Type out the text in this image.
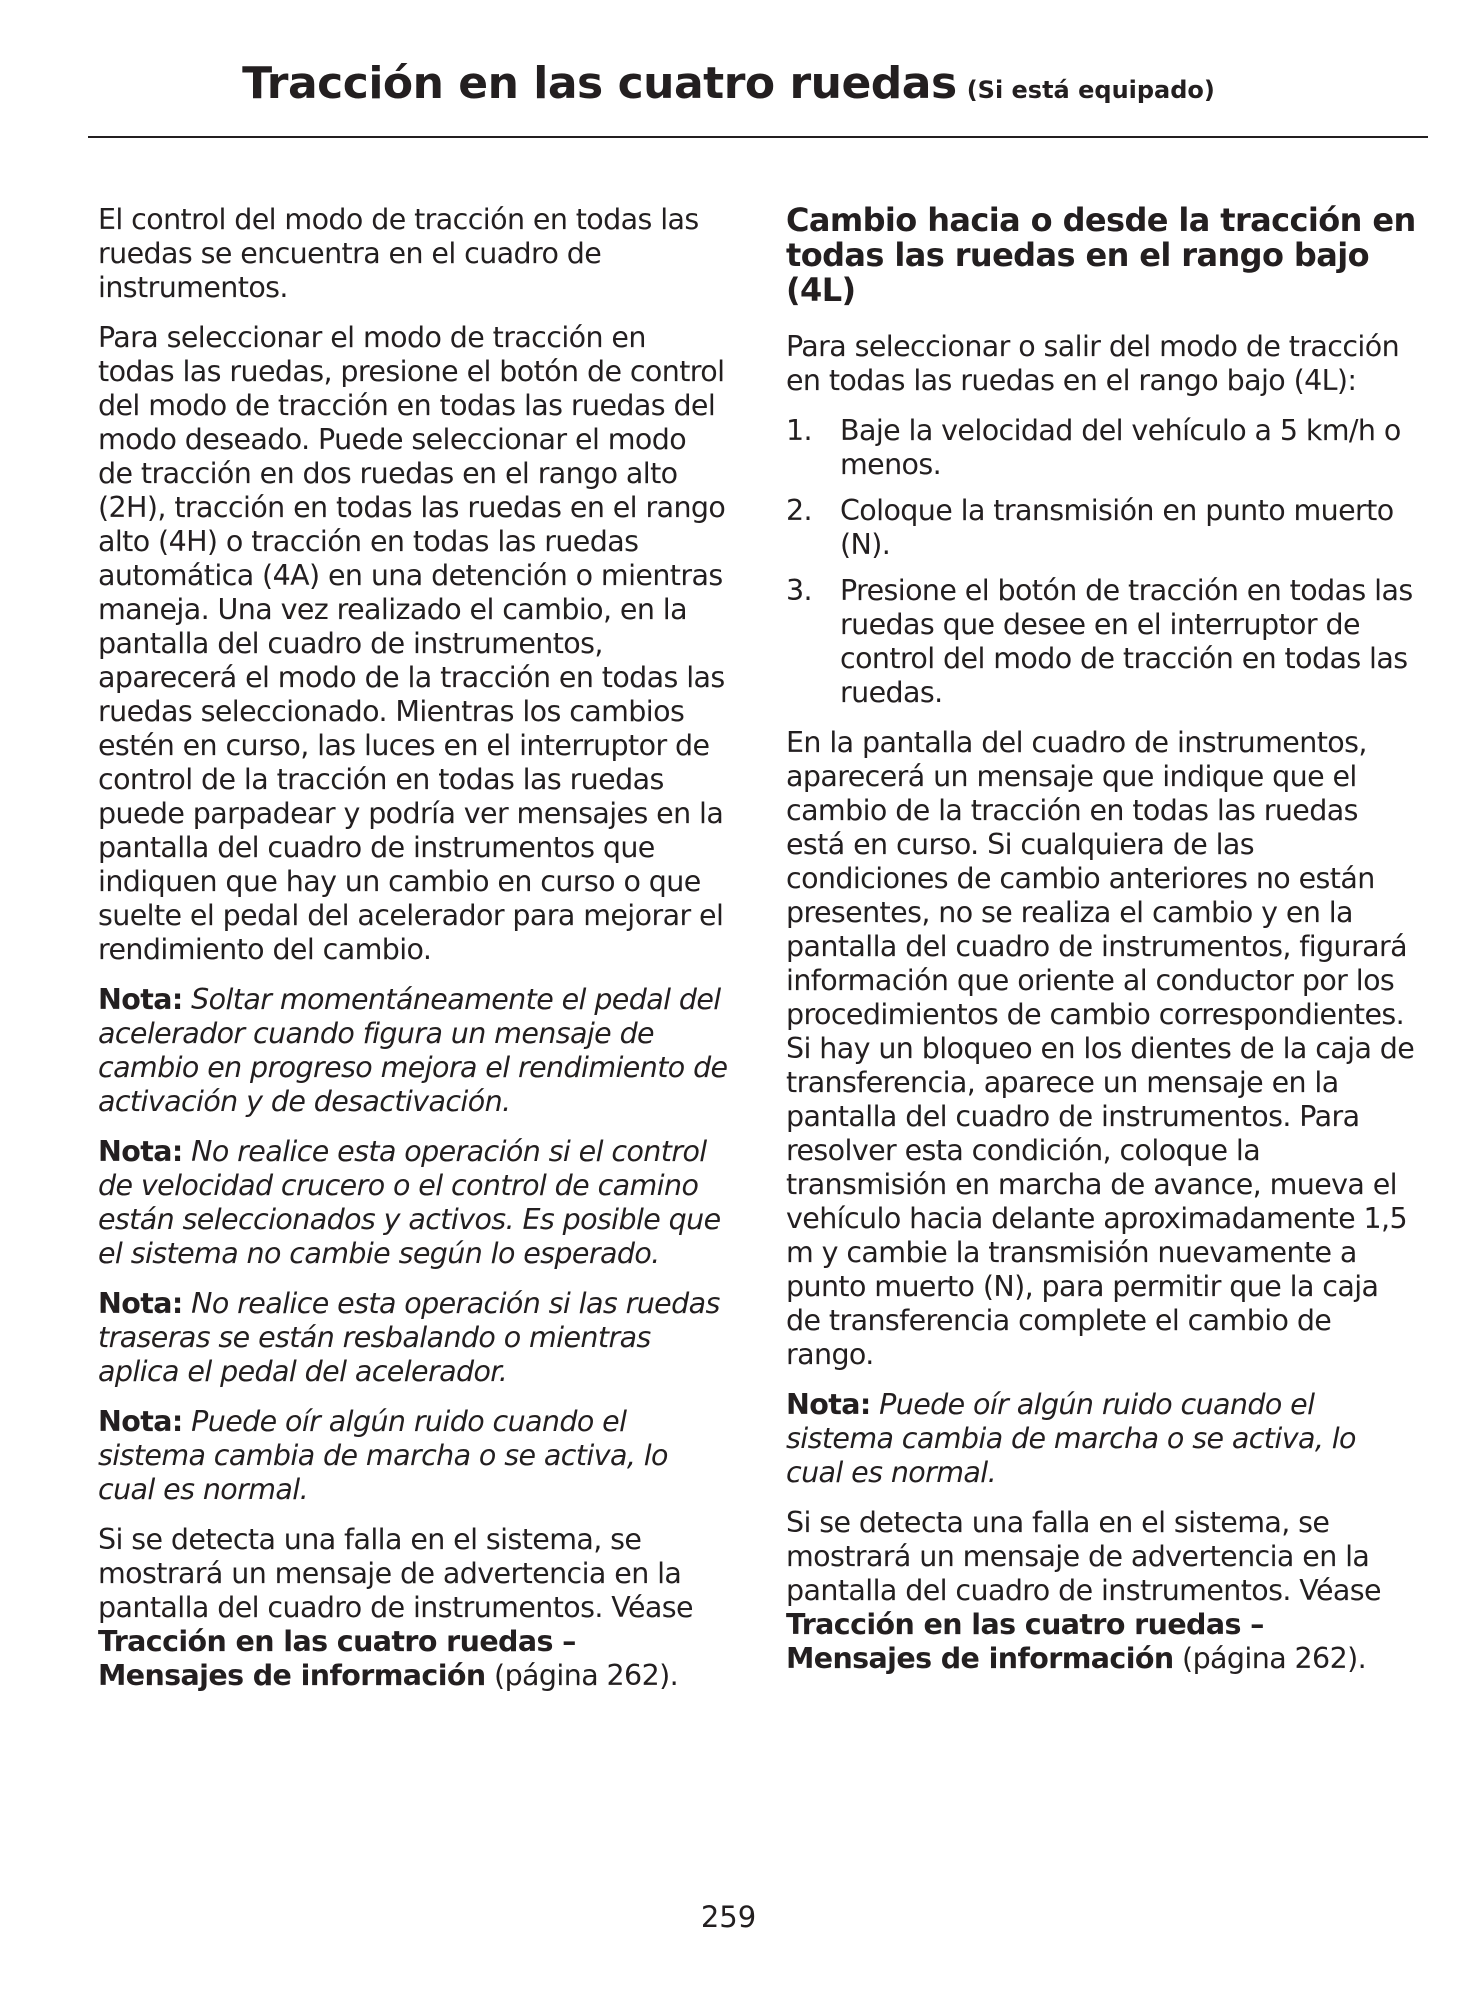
Tracción en las cuatro ruedas (Si está equipado)

El control del modo de tracción en todas las ruedas se encuentra en el cuadro de instrumentos.

Para seleccionar el modo de tracción en todas las ruedas, presione el botón de control del modo de tracción en todas las ruedas del modo deseado. Puede seleccionar el modo de tracción en dos ruedas en el rango alto (2H), tracción en todas las ruedas en el rango alto (4H) o tracción en todas las ruedas automática (4A) en una detención o mientras maneja. Una vez realizado el cambio, en la pantalla del cuadro de instrumentos, aparecerá el modo de la tracción en todas las ruedas seleccionado. Mientras los cambios estén en curso, las luces en el interruptor de control de la tracción en todas las ruedas puede parpadear y podría ver mensajes en la pantalla del cuadro de instrumentos que indiquen que hay un cambio en curso o que suelte el pedal del acelerador para mejorar el rendimiento del cambio.

Nota: Soltar momentáneamente el pedal del acelerador cuando figura un mensaje de cambio en progreso mejora el rendimiento de activación y de desactivación.

Nota: No realice esta operación si el control de velocidad crucero o el control de camino están seleccionados y activos. Es posible que el sistema no cambie según lo esperado.

Nota: No realice esta operación si las ruedas traseras se están resbalando o mientras aplica el pedal del acelerador.

Nota: Puede oír algún ruido cuando el sistema cambia de marcha o se activa, lo cual es normal.

Si se detecta una falla en el sistema, se mostrará un mensaje de advertencia en la pantalla del cuadro de instrumentos. Véase Tracción en las cuatro ruedas – Mensajes de información (página 262).

Cambio hacia o desde la tracción en todas las ruedas en el rango bajo (4L)

Para seleccionar o salir del modo de tracción en todas las ruedas en el rango bajo (4L):

1. Baje la velocidad del vehículo a 5 km/h o menos.
2. Coloque la transmisión en punto muerto (N).
3. Presione el botón de tracción en todas las ruedas que desee en el interruptor de control del modo de tracción en todas las ruedas.

En la pantalla del cuadro de instrumentos, aparecerá un mensaje que indique que el cambio de la tracción en todas las ruedas está en curso. Si cualquiera de las condiciones de cambio anteriores no están presentes, no se realiza el cambio y en la pantalla del cuadro de instrumentos, figurará información que oriente al conductor por los procedimientos de cambio correspondientes. Si hay un bloqueo en los dientes de la caja de transferencia, aparece un mensaje en la pantalla del cuadro de instrumentos. Para resolver esta condición, coloque la transmisión en marcha de avance, mueva el vehículo hacia delante aproximadamente 1,5 m y cambie la transmisión nuevamente a punto muerto (N), para permitir que la caja de transferencia complete el cambio de rango.

Nota: Puede oír algún ruido cuando el sistema cambia de marcha o se activa, lo cual es normal.

Si se detecta una falla en el sistema, se mostrará un mensaje de advertencia en la pantalla del cuadro de instrumentos. Véase Tracción en las cuatro ruedas – Mensajes de información (página 262).

259
